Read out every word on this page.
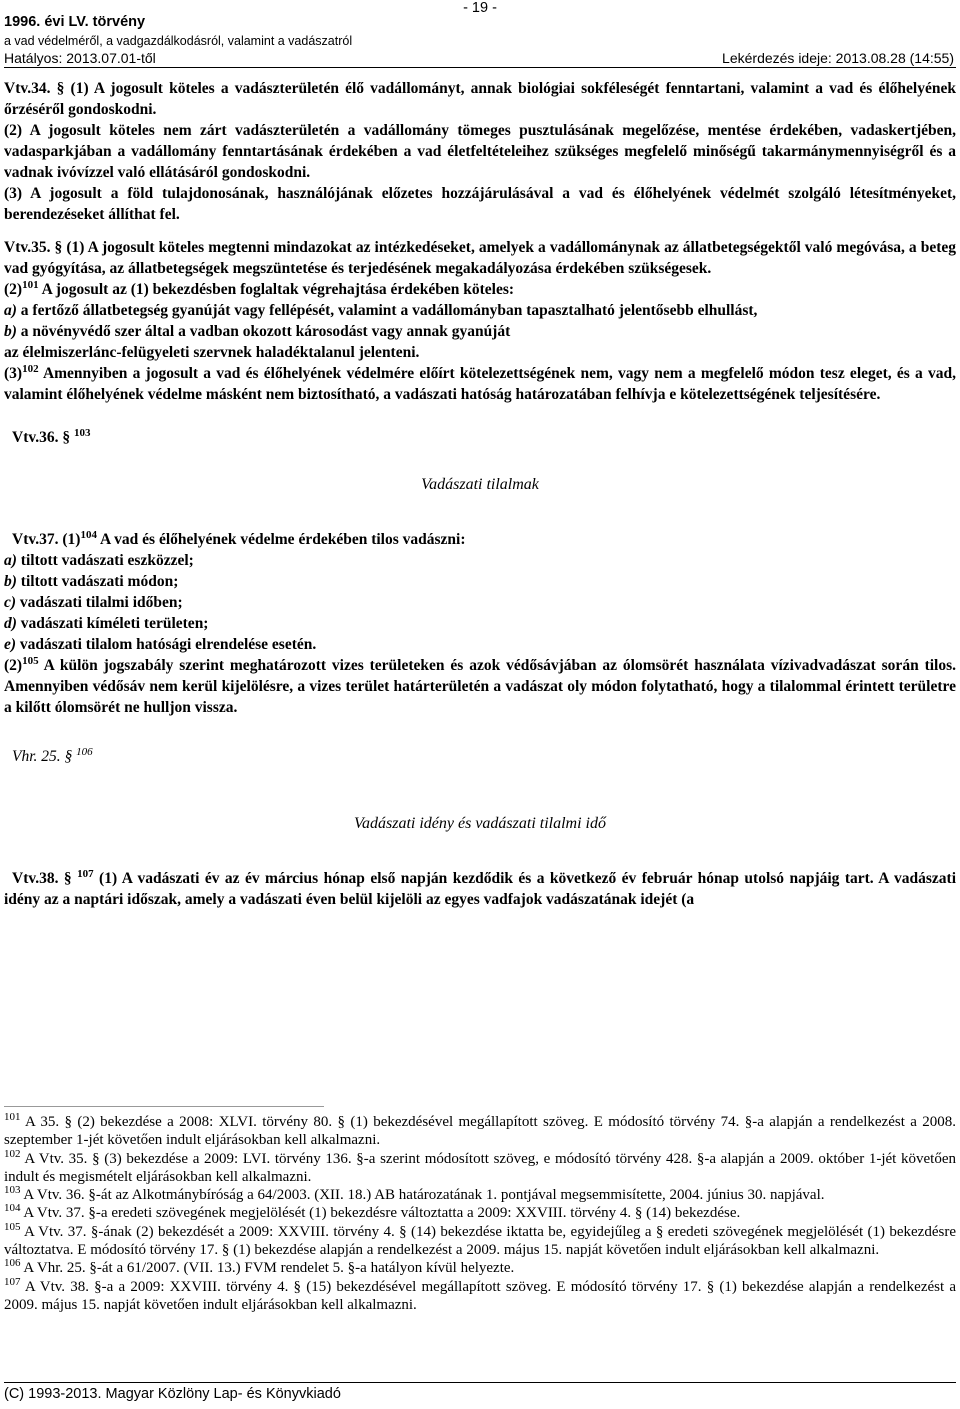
- 19 -
1996. évi LV. törvény
a vad védelméről, a vadgazdálkodásról, valamint a vadászatról
Hatályos: 2013.07.01-től	Lekérdezés ideje: 2013.08.28 (14:55)

Vtv.34. § (1) A jogosult köteles a vadászterületén élő vadállományt, annak biológiai sokféleségét fenntartani, valamint a vad és élőhelyének őrzéséről gondoskodni.

(2) A jogosult köteles nem zárt vadászterületén a vadállomány tömeges pusztulásának megelőzése, mentése érdekében, vadaskertjében, vadasparkjában a vadállomány fenntartásának érdekében a vad életfeltételeihez szükséges megfelelő minőségű takarmánymennyiségről és a vadnak ivóvízzel való ellátásáról gondoskodni.

(3) A jogosult a föld tulajdonosának, használójának előzetes hozzájárulásával a vad és élőhelyének védelmét szolgáló létesítményeket, berendezéseket állíthat fel.

Vtv.35. § (1) A jogosult köteles megtenni mindazokat az intézkedéseket, amelyek a vadállománynak az állatbetegségektől való megóvása, a beteg vad gyógyítása, az állatbetegségek megszüntetése és terjedésének megakadályozása érdekében szükségesek.

$(2)^{101}$ A jogosult az (1) bekezdésben foglaltak végrehajtása érdekében köteles:

a) a fertőző állatbetegség gyanúját vagy fellépését, valamint a vadállományban tapasztalható jelentősebb elhullást,

b) a növényvédő szer által a vadban okozott károsodást vagy annak gyanúját

az élelmiszerlánc-felügyeleti szervnek haladéktalanul jelenteni.

$(3)^{102}$ Amennyiben a jogosult a vad és élőhelyének védelmére előírt kötelezettségének nem, vagy nem a megfelelő módon tesz eleget, és a vad, valamint élőhelyének védelme másként nem biztosítható, a vadászati hatóság határozatában felhívja e kötelezettségének teljesítésére.

Vtv.36. § $^{103}$

Vadászati tilalmak

Vtv.37. $(1)^{104}$ A vad és élőhelyének védelme érdekében tilos vadászni:

a) tiltott vadászati eszközzel;

b) tiltott vadászati módon;

c) vadászati tilalmi időben;

d) vadászati kíméleti területen;

e) vadászati tilalom hatósági elrendelése esetén.

$(2)^{105}$ A külön jogszabály szerint meghatározott vizes területeken és azok védősávjában az ólomsörét használata vízivadvadászat során tilos. Amennyiben védősáv nem kerül kijelölésre, a vizes terület határterületén a vadászat oly módon folytatható, hogy a tilalommal érintett területre a kilőtt ólomsörét ne hulljon vissza.

Vhr. 25. § $^{106}$

Vadászati idény és vadászati tilalmi idő

Vtv.38. § $^{107}$ (1) A vadászati év az év március hónap első napján kezdődik és a következő év február hónap utolsó napjáig tart. A vadászati idény az a naptári időszak, amely a vadászati éven belül kijelöli az egyes vadfajok vadászatának idejét (a

$^{101}$ A 35. § (2) bekezdése a 2008: XLVI. törvény 80. § (1) bekezdésével megállapított szöveg. E módosító törvény 74. §-a alapján a rendelkezést a 2008. szeptember 1-jét követően indult eljárásokban kell alkalmazni.

$^{102}$ A Vtv. 35. § (3) bekezdése a 2009: LVI. törvény 136. §-a szerint módosított szöveg, e módosító törvény 428. §-a alapján a 2009. október 1-jét követően indult és megismételt eljárásokban kell alkalmazni.

$^{103}$ A Vtv. 36. §-át az Alkotmánybíróság a 64/2003. (XII. 18.) AB határozatának 1. pontjával megsemmisítette, 2004. június 30. napjával.

$^{104}$ A Vtv. 37. §-a eredeti szövegének megjelölését (1) bekezdésre változtatta a 2009: XXVIII. törvény 4. § (14) bekezdése.

$^{105}$ A Vtv. 37. §-ának (2) bekezdését a 2009: XXVIII. törvény 4. § (14) bekezdése iktatta be, egyidejűleg a § eredeti szövegének megjelölését (1) bekezdésre változtatva. E módosító törvény 17. § (1) bekezdése alapján a rendelkezést a 2009. május 15. napját követően indult eljárásokban kell alkalmazni.

$^{106}$ A Vhr. 25. §-át a 61/2007. (VII. 13.) FVM rendelet 5. §-a hatályon kívül helyezte.

$^{107}$ A Vtv. 38. §-a a 2009: XXVIII. törvény 4. § (15) bekezdésével megállapított szöveg. E módosító törvény 17. § (1) bekezdése alapján a rendelkezést a 2009. május 15. napját követően indult eljárásokban kell alkalmazni.

(C) 1993-2013. Magyar Közlöny Lap- és Könyvkiadó
